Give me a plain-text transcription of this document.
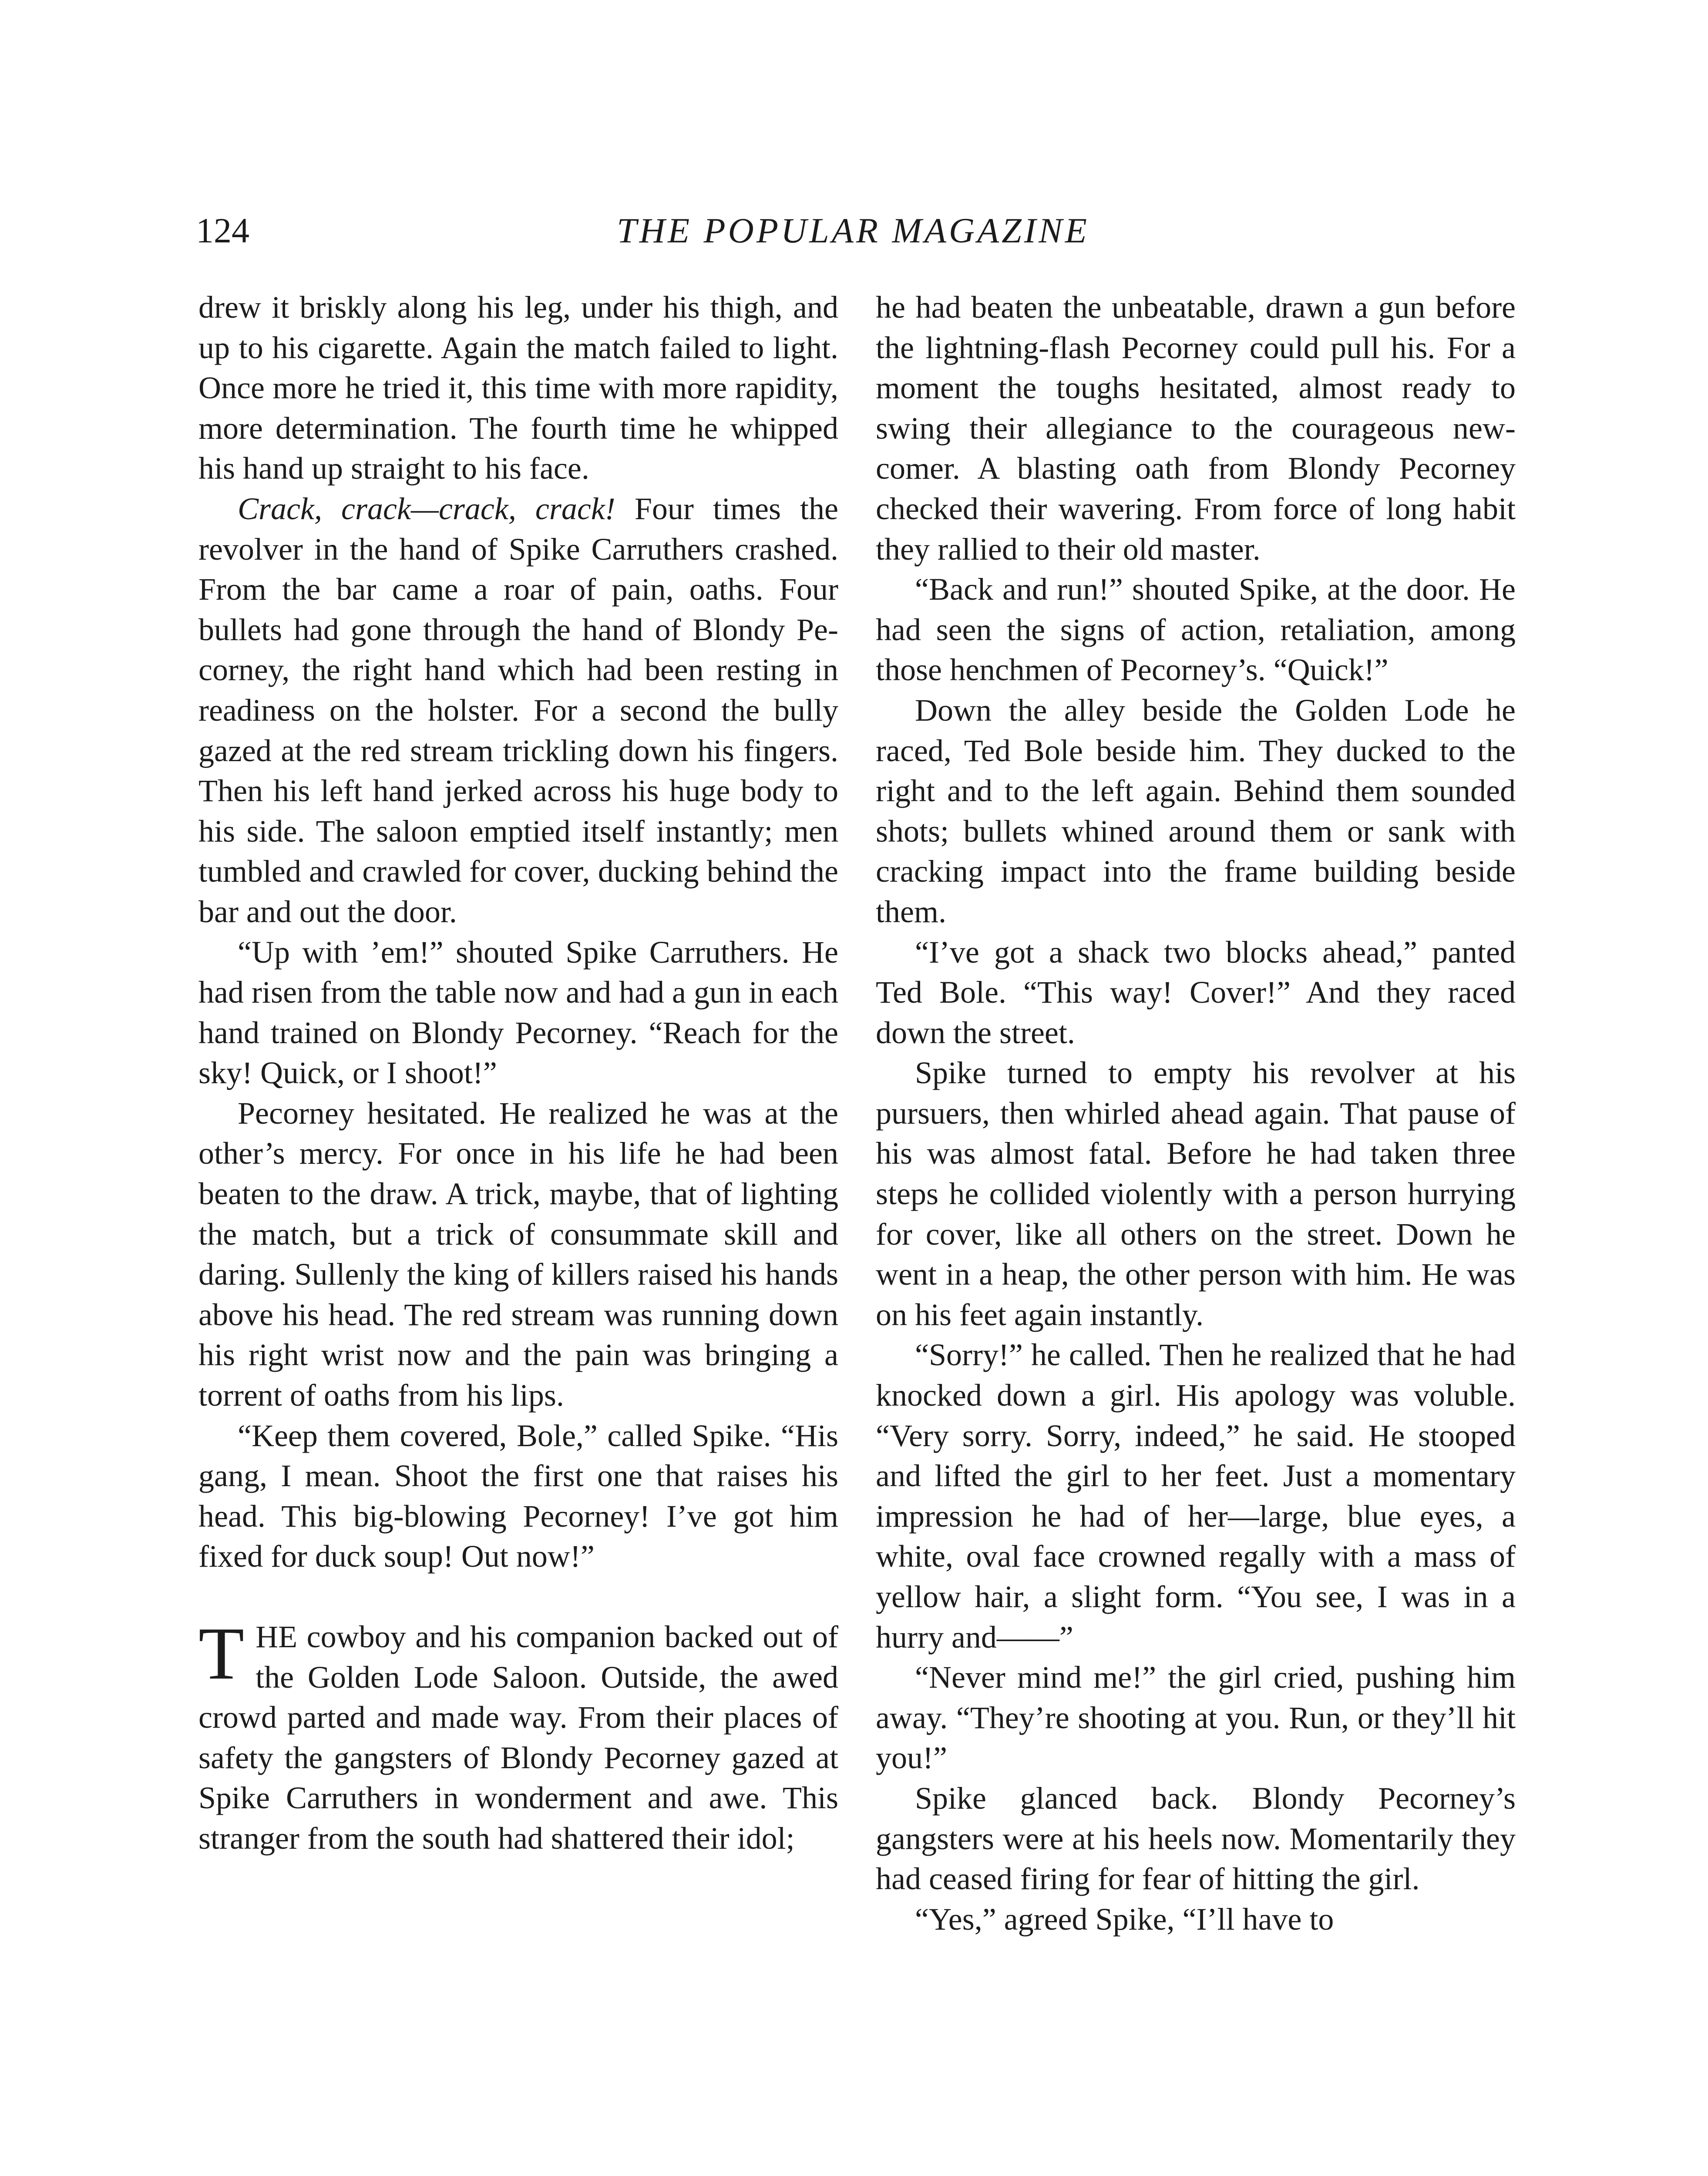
124	THE POPULAR MAGAZINE

drew it briskly along his leg, under his thigh, and up to his cigarette. Again the match failed to light. Once more he tried it, this time with more rapidity, more determination. The fourth time he whipped his hand up straight to his face.

Crack, crack—crack, crack! Four times the revolver in the hand of Spike Carruthers crashed. From the bar came a roar of pain, oaths. Four bullets had gone through the hand of Blondy Pecorney, the right hand which had been resting in readiness on the holster. For a second the bully gazed at the red stream trickling down his fingers. Then his left hand jerked across his huge body to his side. The saloon emptied itself instantly; men tumbled and crawled for cover, ducking behind the bar and out the door.

“Up with ’em!” shouted Spike Carruthers. He had risen from the table now and had a gun in each hand trained on Blondy Pecorney. “Reach for the sky! Quick, or I shoot!”

Pecorney hesitated. He realized he was at the other’s mercy. For once in his life he had been beaten to the draw. A trick, maybe, that of lighting the match, but a trick of consummate skill and daring. Sullenly the king of killers raised his hands above his head. The red stream was running down his right wrist now and the pain was bringing a torrent of oaths from his lips.

“Keep them covered, Bole,” called Spike. “His gang, I mean. Shoot the first one that raises his head. This big-blowing Pecorney! I’ve got him fixed for duck soup! Out now!”

THE cowboy and his companion backed out of the Golden Lode Saloon. Outside, the awed crowd parted and made way. From their places of safety the gangsters of Blondy Pecorney gazed at Spike Carruthers in wonderment and awe. This stranger from the south had shattered their idol;

he had beaten the unbeatable, drawn a gun before the lightning-flash Pecorney could pull his. For a moment the toughs hesitated, almost ready to swing their allegiance to the courageous newcomer. A blasting oath from Blondy Pecorney checked their wavering. From force of long habit they rallied to their old master.

“Back and run!” shouted Spike, at the door. He had seen the signs of action, retaliation, among those henchmen of Pecorney’s. “Quick!”

Down the alley beside the Golden Lode he raced, Ted Bole beside him. They ducked to the right and to the left again. Behind them sounded shots; bullets whined around them or sank with cracking impact into the frame building beside them.

“I’ve got a shack two blocks ahead,” panted Ted Bole. “This way! Cover!” And they raced down the street.

Spike turned to empty his revolver at his pursuers, then whirled ahead again. That pause of his was almost fatal. Before he had taken three steps he collided violently with a person hurrying for cover, like all others on the street. Down he went in a heap, the other person with him. He was on his feet again instantly.

“Sorry!” he called. Then he realized that he had knocked down a girl. His apology was voluble. “Very sorry. Sorry, indeed,” he said. He stooped and lifted the girl to her feet. Just a momentary impression he had of her—large, blue eyes, a white, oval face crowned regally with a mass of yellow hair, a slight form. “You see, I was in a hurry and——”

“Never mind me!” the girl cried, pushing him away. “They’re shooting at you. Run, or they’ll hit you!”

Spike glanced back. Blondy Pecorney’s gangsters were at his heels now. Momentarily they had ceased firing for fear of hitting the girl.

“Yes,” agreed Spike, “I’ll have to
